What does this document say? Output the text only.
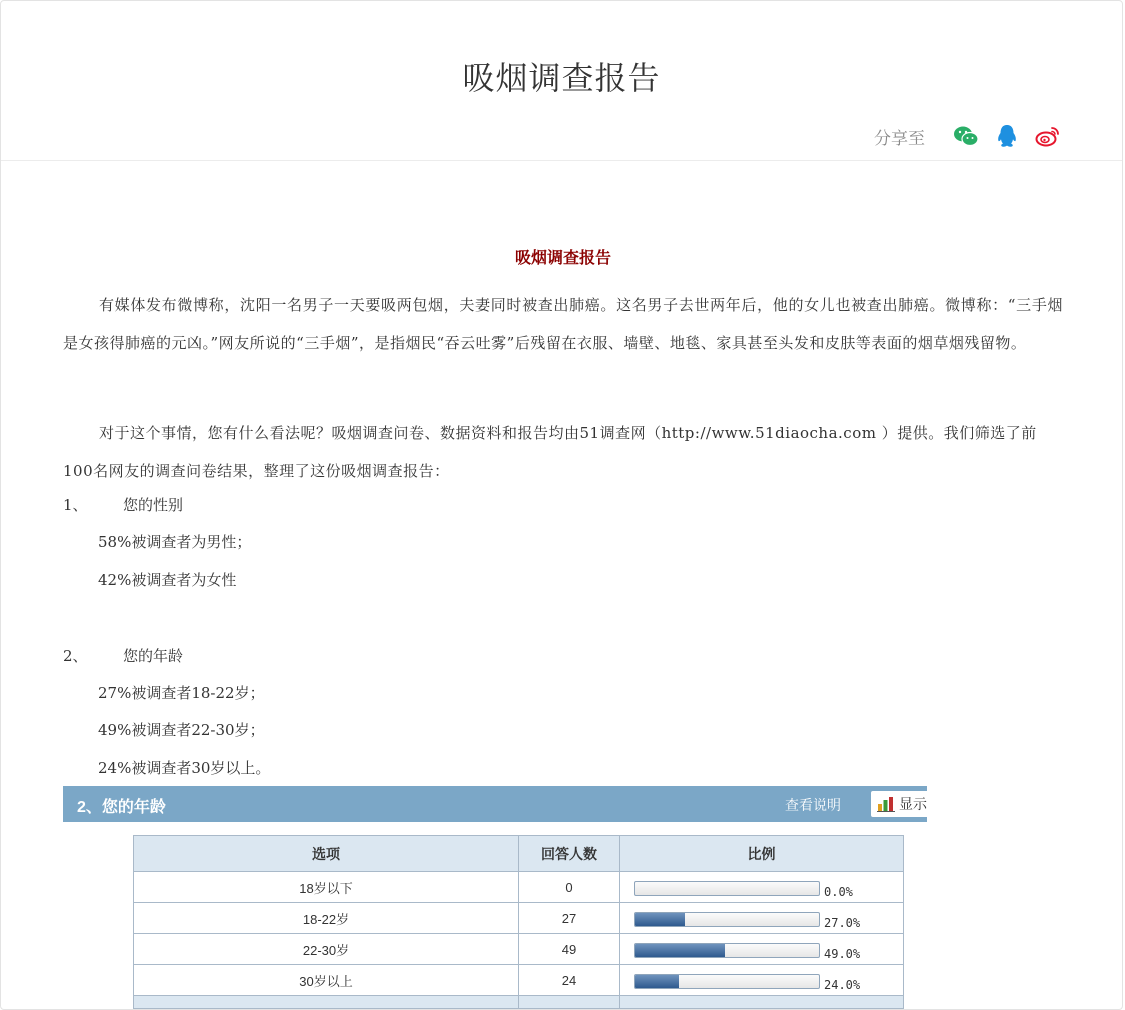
吸烟调查报告
分享至
吸烟调查报告
有媒体发布微博称，沈阳一名男子一天要吸两包烟，夫妻同时被查出肺癌。这名男子去世两年后，他的女儿也被查出肺癌。微博称：“三手烟是女孩得肺癌的元凶。”网友所说的“三手烟”，是指烟民“吞云吐雾”后残留在衣服、墙壁、地毯、家具甚至头发和皮肤等表面的烟草烟残留物。
对于这个事情，您有什么看法呢？吸烟调查问卷、数据资料和报告均由51调查网（http://www.51diaocha.com ）提供。我们筛选了前100名网友的调查问卷结果，整理了这份吸烟调查报告：
1、 您的性别
58%被调查者为男性；
42%被调查者为女性
2、 您的年龄
27%被调查者18-22岁；
49%被调查者22-30岁；
24%被调查者30岁以上。
2、您的年龄	查看说明	显示
选项	回答人数	比例
18岁以下	0	0.0%

18-22岁	27	27.0%

22-30岁	49	49.0%

30岁以上	24	24.0%
